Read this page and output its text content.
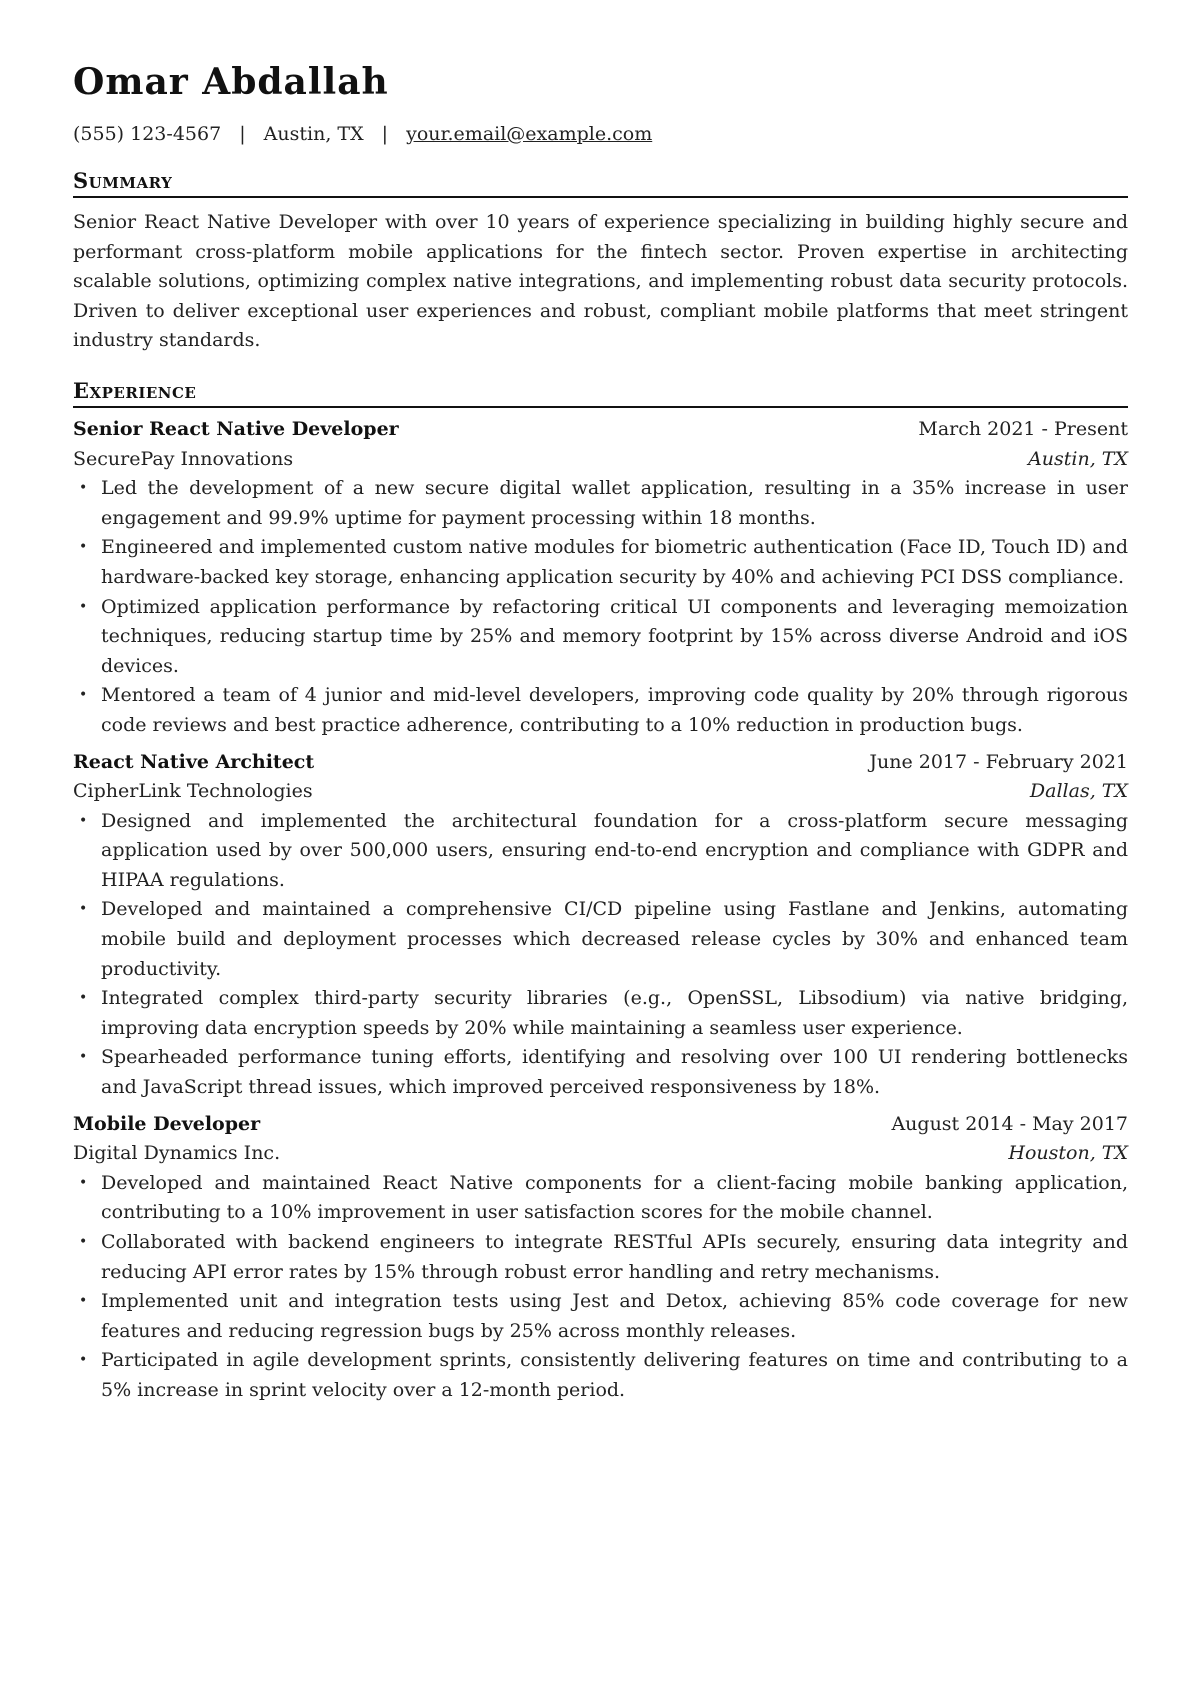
Omar Abdallah
(555) 123-4567 | Austin, TX | your.email@example.com
Summary
Senior React Native Developer with over 10 years of experience specializing in building highly secure and performant cross-platform mobile applications for the fintech sector. Proven expertise in architecting scalable solutions, optimizing complex native integrations, and implementing robust data security protocols. Driven to deliver exceptional user experiences and robust, compliant mobile platforms that meet stringent industry standards.
Experience
Senior React Native Developer	March 2021 - Present
SecurePay Innovations	Austin, TX
• Led the development of a new secure digital wallet application, resulting in a 35% increase in user engagement and 99.9% uptime for payment processing within 18 months.
• Engineered and implemented custom native modules for biometric authentication (Face ID, Touch ID) and hardware-backed key storage, enhancing application security by 40% and achieving PCI DSS compliance.
• Optimized application performance by refactoring critical UI components and leveraging memoization techniques, reducing startup time by 25% and memory footprint by 15% across diverse Android and iOS devices.
• Mentored a team of 4 junior and mid-level developers, improving code quality by 20% through rigorous code reviews and best practice adherence, contributing to a 10% reduction in production bugs.
React Native Architect	June 2017 - February 2021
CipherLink Technologies	Dallas, TX
• Designed and implemented the architectural foundation for a cross-platform secure messaging application used by over 500,000 users, ensuring end-to-end encryption and compliance with GDPR and HIPAA regulations.
• Developed and maintained a comprehensive CI/CD pipeline using Fastlane and Jenkins, automating mobile build and deployment processes which decreased release cycles by 30% and enhanced team productivity.
• Integrated complex third-party security libraries (e.g., OpenSSL, Libsodium) via native bridging, improving data encryption speeds by 20% while maintaining a seamless user experience.
• Spearheaded performance tuning efforts, identifying and resolving over 100 UI rendering bottlenecks and JavaScript thread issues, which improved perceived responsiveness by 18%.
Mobile Developer	August 2014 - May 2017
Digital Dynamics Inc.	Houston, TX
• Developed and maintained React Native components for a client-facing mobile banking application, contributing to a 10% improvement in user satisfaction scores for the mobile channel.
• Collaborated with backend engineers to integrate RESTful APIs securely, ensuring data integrity and reducing API error rates by 15% through robust error handling and retry mechanisms.
• Implemented unit and integration tests using Jest and Detox, achieving 85% code coverage for new features and reducing regression bugs by 25% across monthly releases.
• Participated in agile development sprints, consistently delivering features on time and contributing to a 5% increase in sprint velocity over a 12-month period.
